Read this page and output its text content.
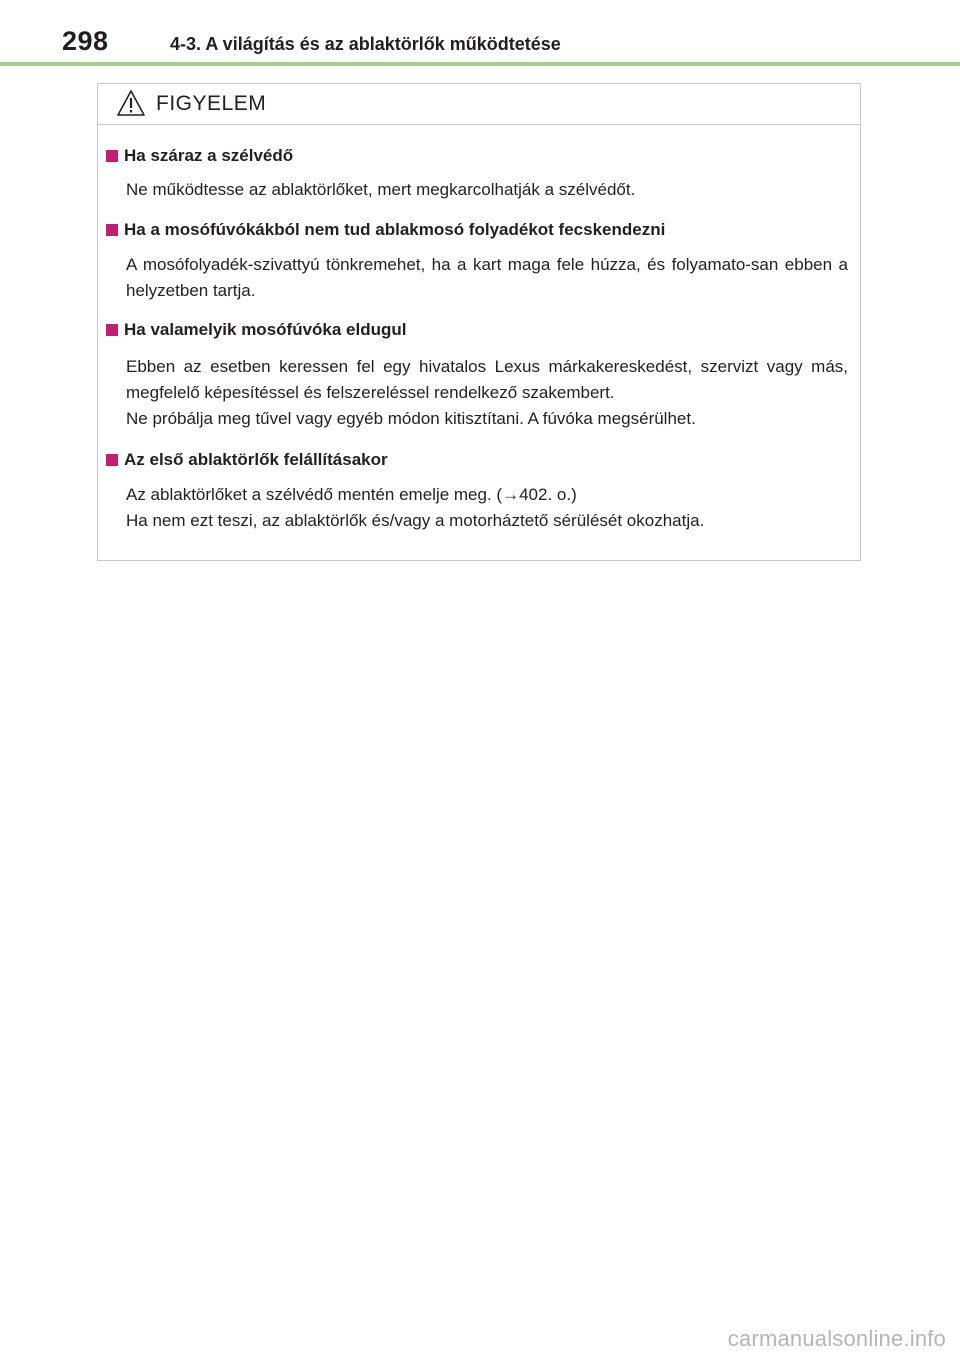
298	4-3. A világítás és az ablaktörlők működtetése
FIGYELEM
Ha száraz a szélvédő

Ne működtesse az ablaktörlőket, mert megkarcolhatják a szélvédőt.

Ha a mosófúvókákból nem tud ablakmosó folyadékot fecskendezni

A mosófolyadék-szivattyú tönkremehet, ha a kart maga fele húzza, és folyamato-san ebben a helyzetben tartja.

Ha valamelyik mosófúvóka eldugul

Ebben az esetben keressen fel egy hivatalos Lexus márkakereskedést, szervizt vagy más, megfelelő képesítéssel és felszereléssel rendelkező szakembert.

Ne próbálja meg tűvel vagy egyéb módon kitisztítani. A fúvóka megsérülhet.

Az első ablaktörlők felállításakor

Az ablaktörlőket a szélvédő mentén emelje meg. (→402. o.)

Ha nem ezt teszi, az ablaktörlők és/vagy a motorháztető sérülését okozhatja.

carmanualsonline.info
